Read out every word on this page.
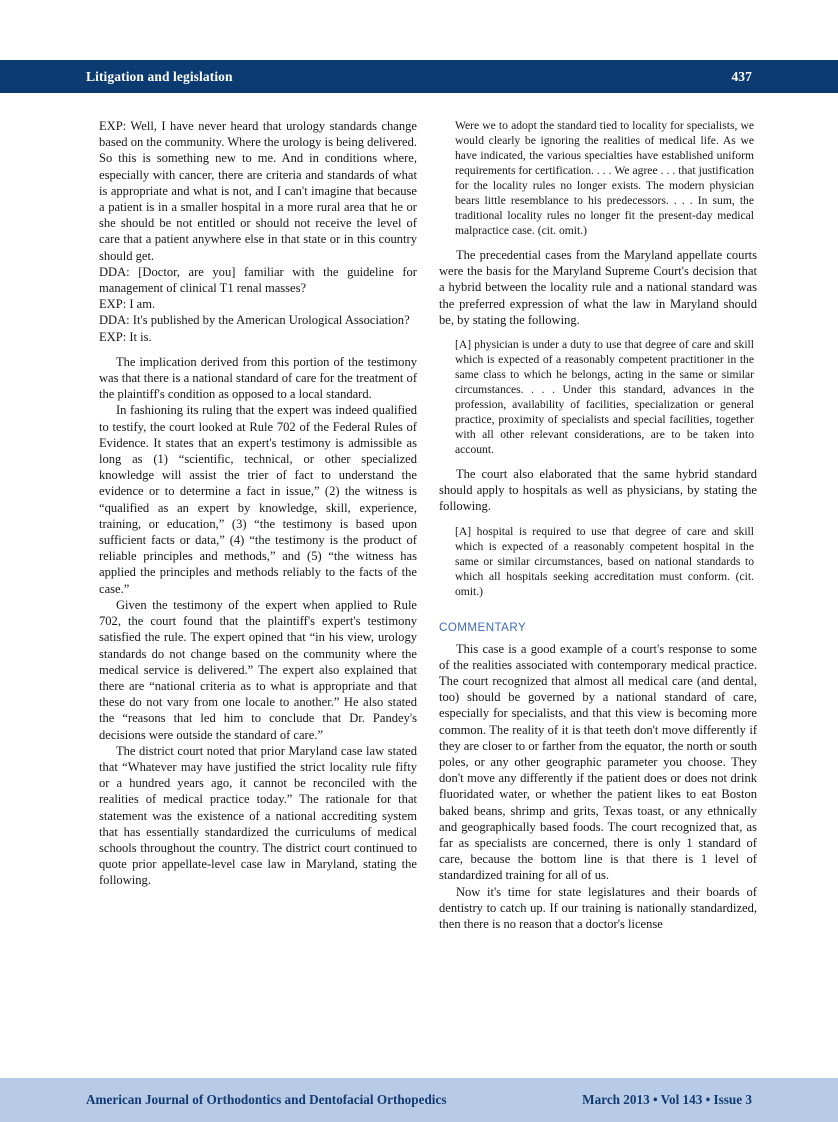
Litigation and legislation	437

EXP: Well, I have never heard that urology standards change based on the community. Where the urology is being delivered. So this is something new to me. And in conditions where, especially with cancer, there are criteria and standards of what is appropriate and what is not, and I can't imagine that because a patient is in a smaller hospital in a more rural area that he or she should be not entitled or should not receive the level of care that a patient anywhere else in that state or in this country should get.

DDA: [Doctor, are you] familiar with the guideline for management of clinical T1 renal masses?

EXP: I am.

DDA: It's published by the American Urological Association?

EXP: It is.

The implication derived from this portion of the testimony was that there is a national standard of care for the treatment of the plaintiff's condition as opposed to a local standard.

In fashioning its ruling that the expert was indeed qualified to testify, the court looked at Rule 702 of the Federal Rules of Evidence. It states that an expert's testimony is admissible as long as (1) “scientific, technical, or other specialized knowledge will assist the trier of fact to understand the evidence or to determine a fact in issue,” (2) the witness is “qualified as an expert by knowledge, skill, experience, training, or education,” (3) “the testimony is based upon sufficient facts or data,” (4) “the testimony is the product of reliable principles and methods,” and (5) “the witness has applied the principles and methods reliably to the facts of the case.”

Given the testimony of the expert when applied to Rule 702, the court found that the plaintiff's expert's testimony satisfied the rule. The expert opined that “in his view, urology standards do not change based on the community where the medical service is delivered.” The expert also explained that there are “national criteria as to what is appropriate and that these do not vary from one locale to another.” He also stated the “reasons that led him to conclude that Dr. Pandey's decisions were outside the standard of care.”

The district court noted that prior Maryland case law stated that “Whatever may have justified the strict locality rule fifty or a hundred years ago, it cannot be reconciled with the realities of medical practice today.” The rationale for that statement was the existence of a national accrediting system that has essentially standardized the curriculums of medical schools throughout the country. The district court continued to quote prior appellate-level case law in Maryland, stating the following.

Were we to adopt the standard tied to locality for specialists, we would clearly be ignoring the realities of medical life. As we have indicated, the various specialties have established uniform requirements for certification. . . . We agree . . . that justification for the locality rules no longer exists. The modern physician bears little resemblance to his predecessors. . . . In sum, the traditional locality rules no longer fit the present-day medical malpractice case. (cit. omit.)

The precedential cases from the Maryland appellate courts were the basis for the Maryland Supreme Court's decision that a hybrid between the locality rule and a national standard was the preferred expression of what the law in Maryland should be, by stating the following.

[A] physician is under a duty to use that degree of care and skill which is expected of a reasonably competent practitioner in the same class to which he belongs, acting in the same or similar circumstances. . . . Under this standard, advances in the profession, availability of facilities, specialization or general practice, proximity of specialists and special facilities, together with all other relevant considerations, are to be taken into account.

The court also elaborated that the same hybrid standard should apply to hospitals as well as physicians, by stating the following.

[A] hospital is required to use that degree of care and skill which is expected of a reasonably competent hospital in the same or similar circumstances, based on national standards to which all hospitals seeking accreditation must conform. (cit. omit.)
COMMENTARY

This case is a good example of a court's response to some of the realities associated with contemporary medical practice. The court recognized that almost all medical care (and dental, too) should be governed by a national standard of care, especially for specialists, and that this view is becoming more common. The reality of it is that teeth don't move differently if they are closer to or farther from the equator, the north or south poles, or any other geographic parameter you choose. They don't move any differently if the patient does or does not drink fluoridated water, or whether the patient likes to eat Boston baked beans, shrimp and grits, Texas toast, or any ethnically and geographically based foods. The court recognized that, as far as specialists are concerned, there is only 1 standard of care, because the bottom line is that there is 1 level of standardized training for all of us.

Now it's time for state legislatures and their boards of dentistry to catch up. If our training is nationally standardized, then there is no reason that a doctor's license

American Journal of Orthodontics and Dentofacial Orthopedics	March 2013 • Vol 143 • Issue 3
